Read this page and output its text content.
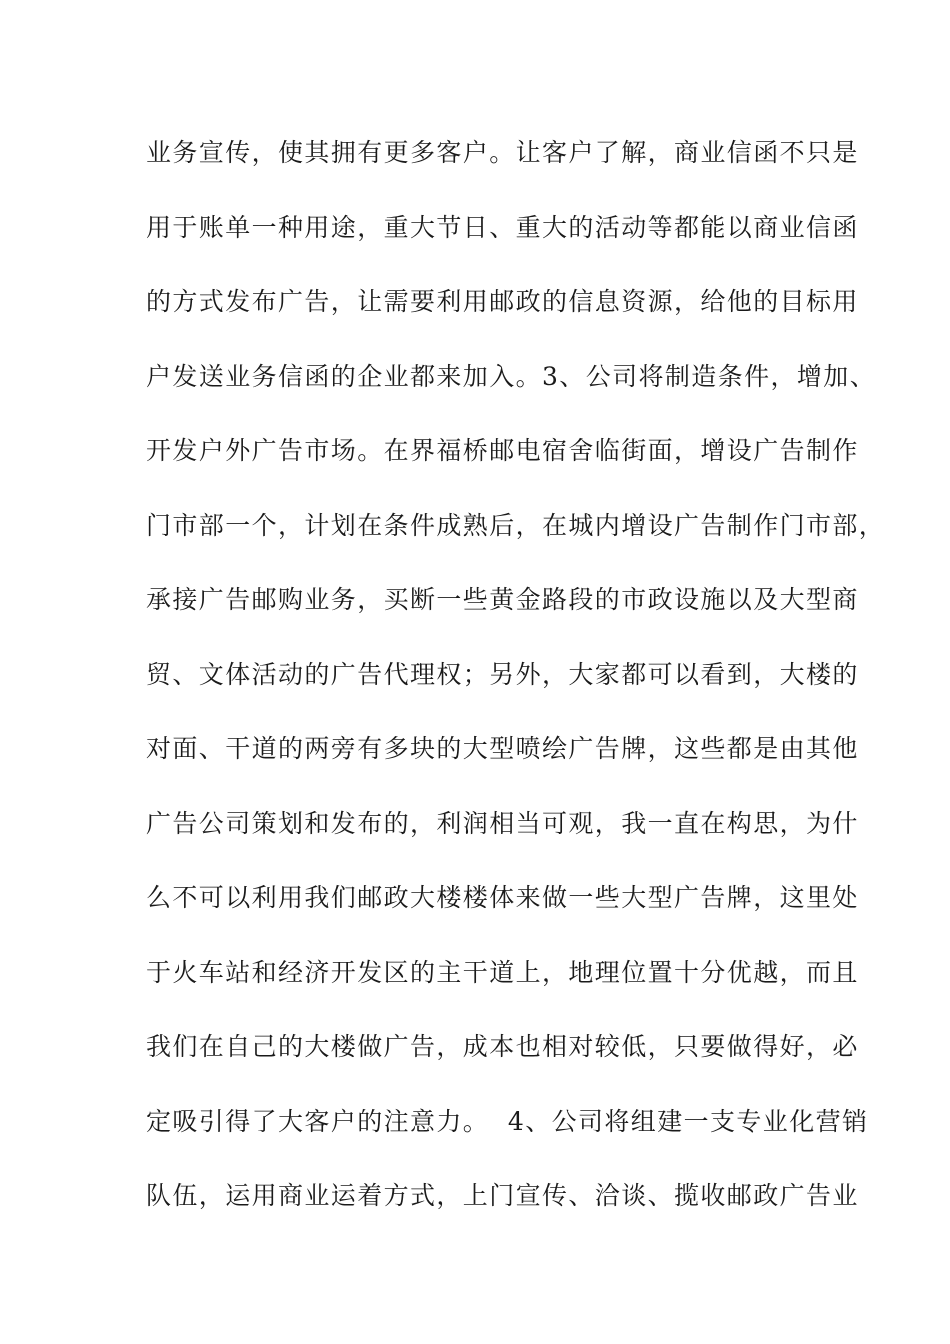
业务宣传，使其拥有更多客户。让客户了解，商业信函不只是
用于账单一种用途，重大节日、重大的活动等都能以商业信函
的方式发布广告，让需要利用邮政的信息资源，给他的目标用
户发送业务信函的企业都来加入。3、公司将制造条件，增加、
开发户外广告市场。在界福桥邮电宿舍临街面，增设广告制作
门市部一个，计划在条件成熟后，在城内增设广告制作门市部，
承接广告邮购业务，买断一些黄金路段的市政设施以及大型商
贸、文体活动的广告代理权；另外，大家都可以看到，大楼的
对面、干道的两旁有多块的大型喷绘广告牌，这些都是由其他
广告公司策划和发布的，利润相当可观，我一直在构思，为什
么不可以利用我们邮政大楼楼体来做一些大型广告牌，这里处
于火车站和经济开发区的主干道上，地理位置十分优越，而且
我们在自己的大楼做广告，成本也相对较低，只要做得好，必
定吸引得了大客户的注意力。  4、公司将组建一支专业化营销
队伍，运用商业运着方式，上门宣传、洽谈、揽收邮政广告业
